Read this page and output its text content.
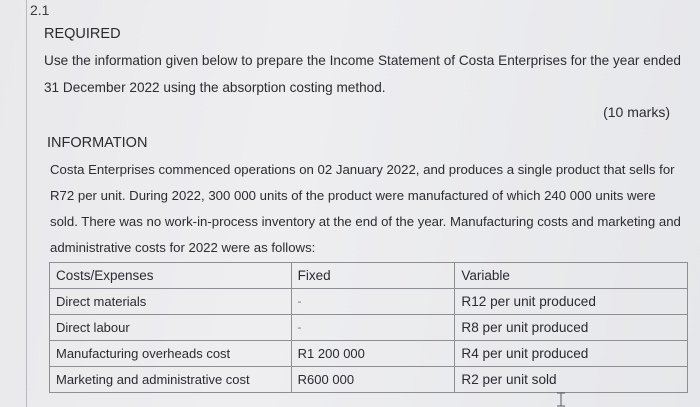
2.1
REQUIRED
Use the information given below to prepare the Income Statement of Costa Enterprises for the year ended 31 December 2022 using the absorption costing method.
(10 marks)
INFORMATION
Costa Enterprises commenced operations on 02 January 2022, and produces a single product that sells for R72 per unit. During 2022, 300 000 units of the product were manufactured of which 240 000 units were sold. There was no work-in-process inventory at the end of the year. Manufacturing costs and marketing and administrative costs for 2022 were as follows:
Costs/Expenses	Fixed	Variable
Direct materials	-	R12 per unit produced
Direct labour	-	R8 per unit produced
Manufacturing overheads cost	R1 200 000	R4 per unit produced
Marketing and administrative cost	R600 000	R2 per unit sold
